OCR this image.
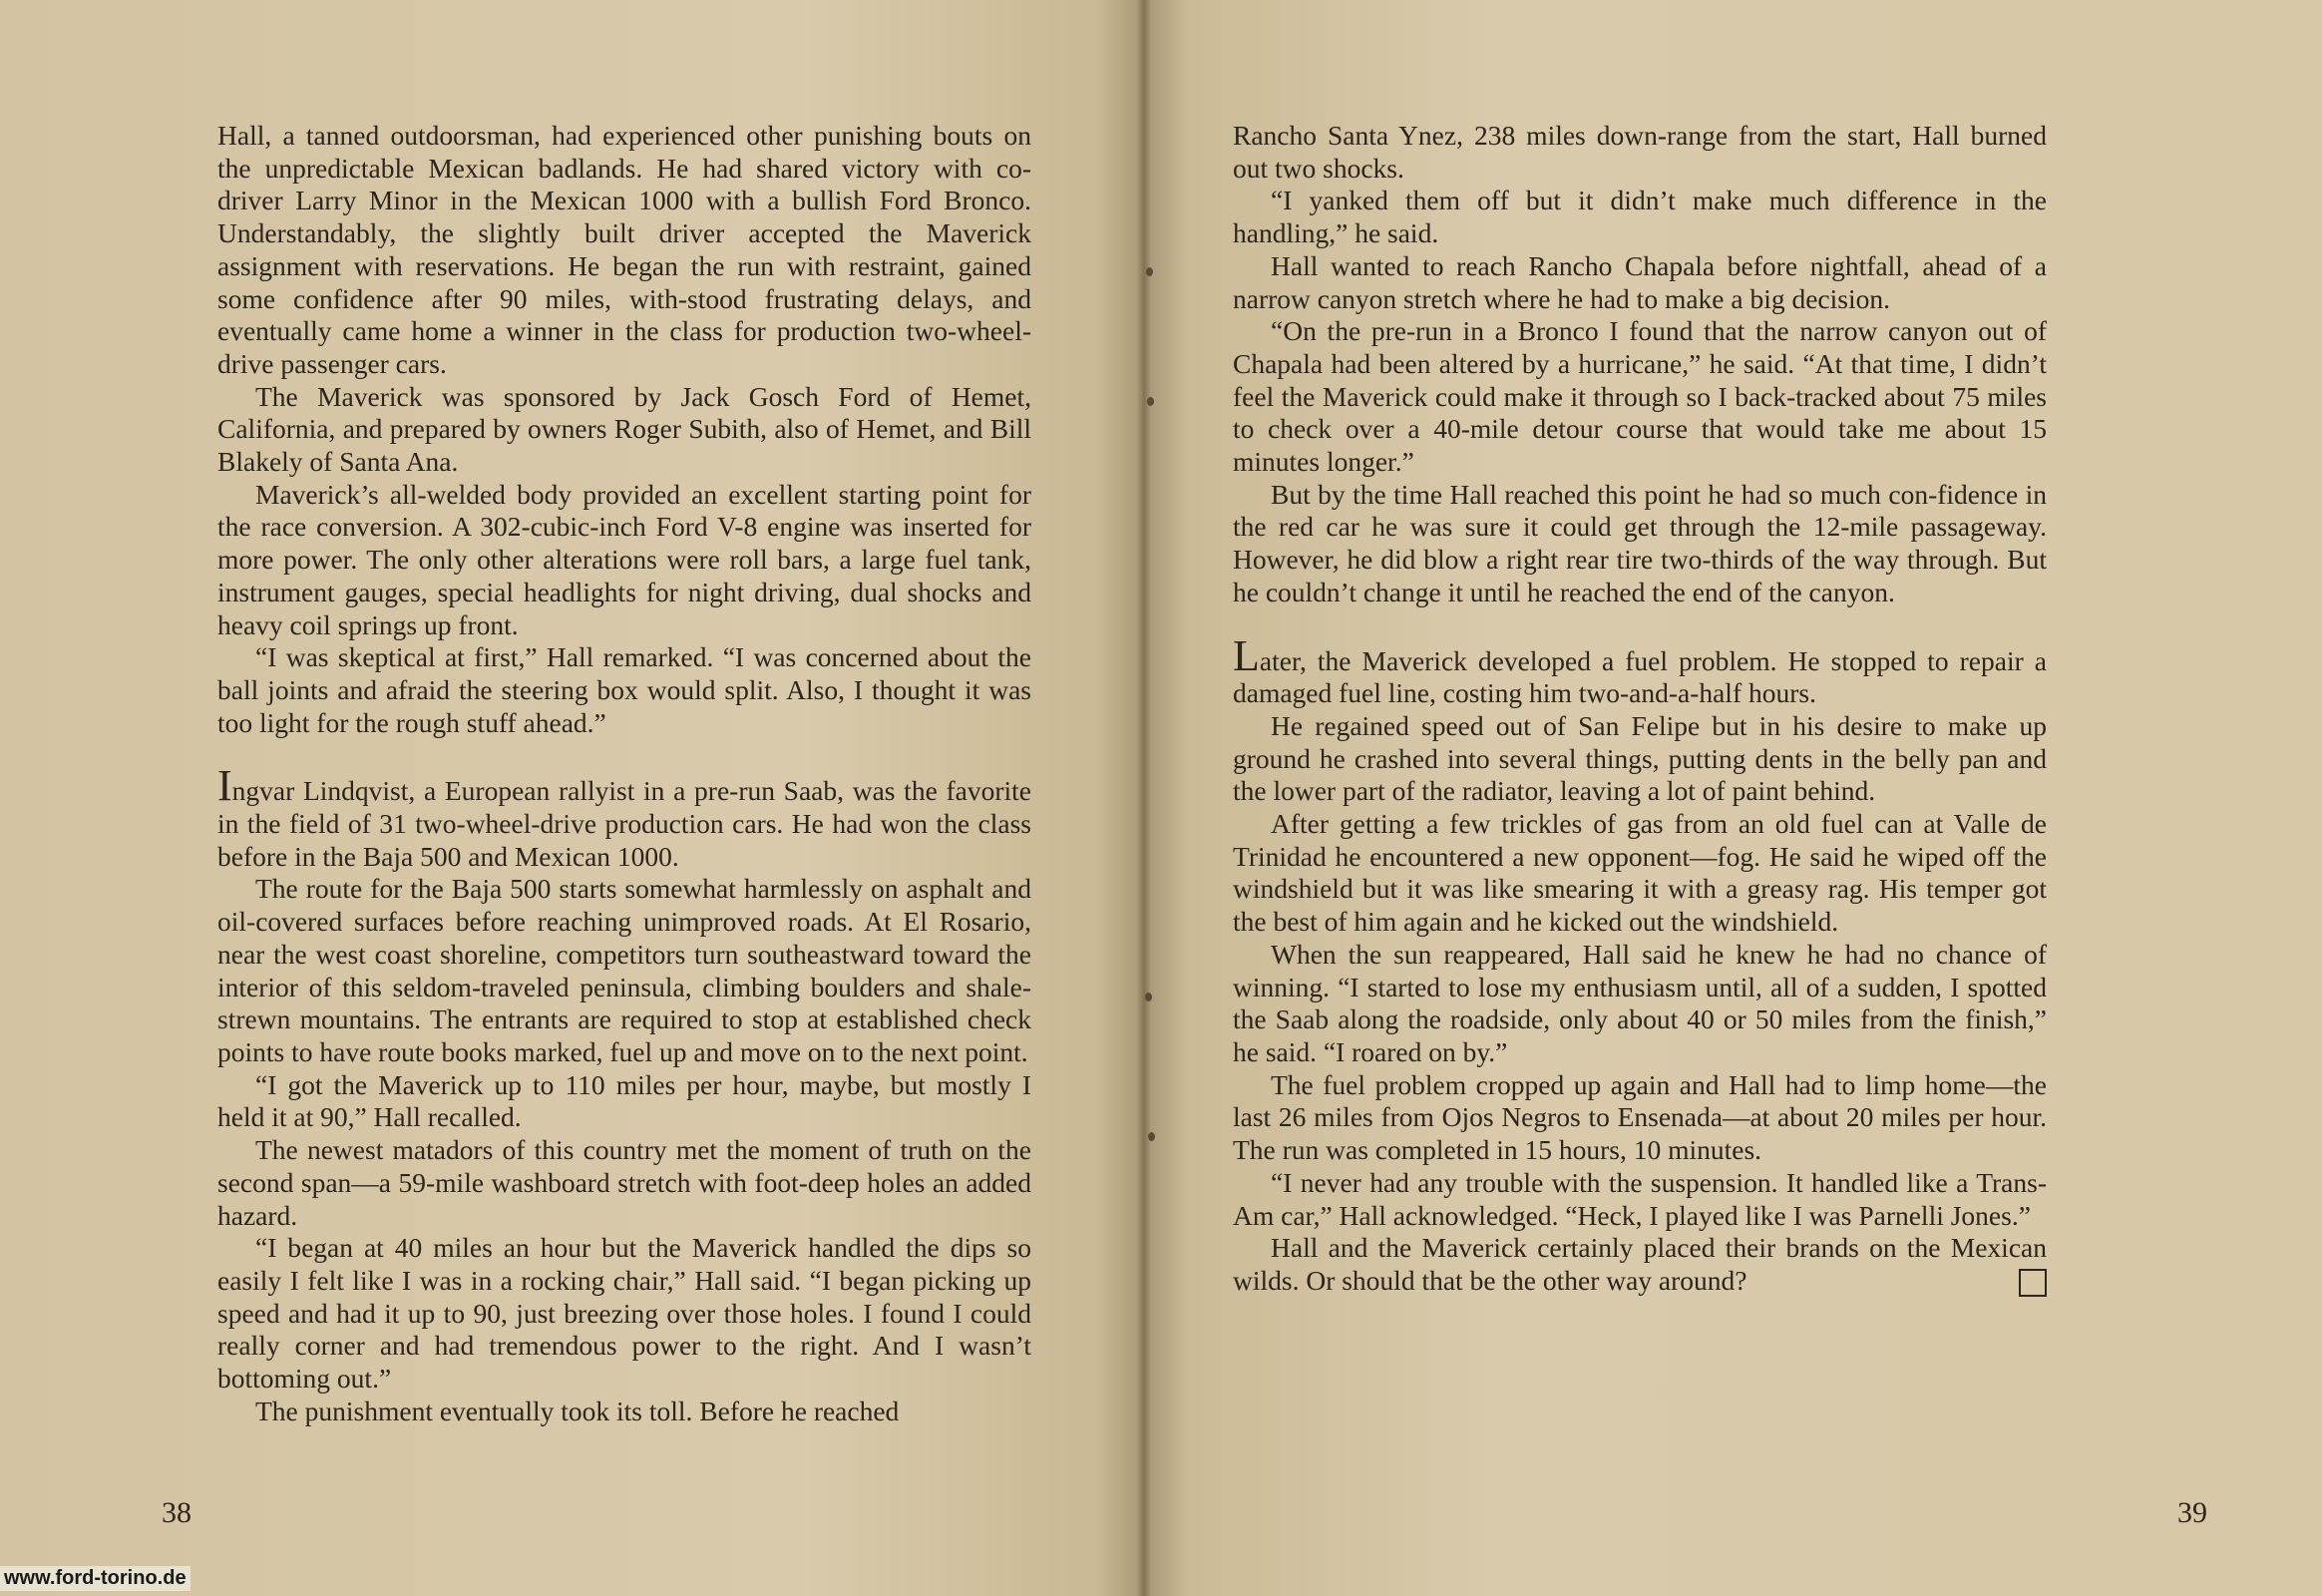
Hall, a tanned outdoorsman, had experienced other punishing bouts on the unpredictable Mexican badlands. He had shared victory with co-driver Larry Minor in the Mexican 1000 with a bullish Ford Bronco. Understandably, the slightly built driver accepted the Maverick assignment with reservations. He began the run with restraint, gained some confidence after 90 miles, with-stood frustrating delays, and eventually came home a winner in the class for production two-wheel-drive passenger cars.

The Maverick was sponsored by Jack Gosch Ford of Hemet, California, and prepared by owners Roger Subith, also of Hemet, and Bill Blakely of Santa Ana.

Maverick’s all-welded body provided an excellent starting point for the race conversion. A 302-cubic-inch Ford V-8 engine was inserted for more power. The only other alterations were roll bars, a large fuel tank, instrument gauges, special headlights for night driving, dual shocks and heavy coil springs up front.

“I was skeptical at first,” Hall remarked. “I was concerned about the ball joints and afraid the steering box would split. Also, I thought it was too light for the rough stuff ahead.”

Ingvar Lindqvist, a European rallyist in a pre-run Saab, was the favorite in the field of 31 two-wheel-drive production cars. He had won the class before in the Baja 500 and Mexican 1000.

The route for the Baja 500 starts somewhat harmlessly on asphalt and oil-covered surfaces before reaching unimproved roads. At El Rosario, near the west coast shoreline, competitors turn southeastward toward the interior of this seldom-traveled peninsula, climbing boulders and shale-strewn mountains. The entrants are required to stop at established check points to have route books marked, fuel up and move on to the next point.

“I got the Maverick up to 110 miles per hour, maybe, but mostly I held it at 90,” Hall recalled.

The newest matadors of this country met the moment of truth on the second span—a 59-mile washboard stretch with foot-deep holes an added hazard.

“I began at 40 miles an hour but the Maverick handled the dips so easily I felt like I was in a rocking chair,” Hall said. “I began picking up speed and had it up to 90, just breezing over those holes. I found I could really corner and had tremendous power to the right. And I wasn’t bottoming out.”

The punishment eventually took its toll. Before he reached

38
www.ford-torino.de

Rancho Santa Ynez, 238 miles down-range from the start, Hall burned out two shocks.

“I yanked them off but it didn’t make much difference in the handling,” he said.

Hall wanted to reach Rancho Chapala before nightfall, ahead of a narrow canyon stretch where he had to make a big decision.

“On the pre-run in a Bronco I found that the narrow canyon out of Chapala had been altered by a hurricane,” he said. “At that time, I didn’t feel the Maverick could make it through so I back-tracked about 75 miles to check over a 40-mile detour course that would take me about 15 minutes longer.”

But by the time Hall reached this point he had so much con-fidence in the red car he was sure it could get through the 12-mile passageway. However, he did blow a right rear tire two-thirds of the way through. But he couldn’t change it until he reached the end of the canyon.

Later, the Maverick developed a fuel problem. He stopped to repair a damaged fuel line, costing him two-and-a-half hours.

He regained speed out of San Felipe but in his desire to make up ground he crashed into several things, putting dents in the belly pan and the lower part of the radiator, leaving a lot of paint behind.

After getting a few trickles of gas from an old fuel can at Valle de Trinidad he encountered a new opponent—fog. He said he wiped off the windshield but it was like smearing it with a greasy rag. His temper got the best of him again and he kicked out the windshield.

When the sun reappeared, Hall said he knew he had no chance of winning. “I started to lose my enthusiasm until, all of a sudden, I spotted the Saab along the roadside, only about 40 or 50 miles from the finish,” he said. “I roared on by.”

The fuel problem cropped up again and Hall had to limp home—the last 26 miles from Ojos Negros to Ensenada—at about 20 miles per hour. The run was completed in 15 hours, 10 minutes.

“I never had any trouble with the suspension. It handled like a Trans-Am car,” Hall acknowledged. “Heck, I played like I was Parnelli Jones.”

Hall and the Maverick certainly placed their brands on the Mexican wilds. Or should that be the other way around?

39
